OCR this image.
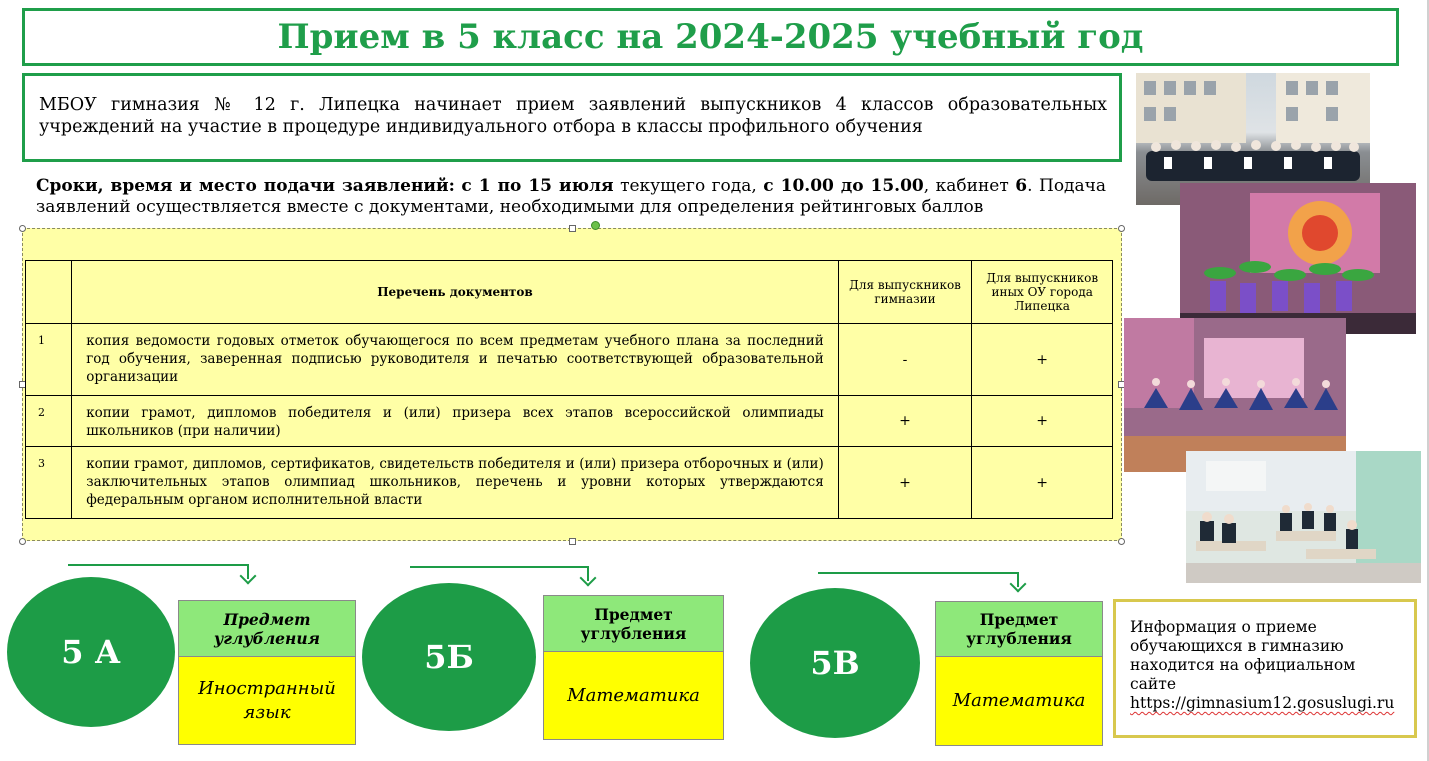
Прием в 5 класс на 2024-2025 учебный год
МБОУ гимназия № 12 г. Липецка начинает прием заявлений выпускников 4 классов образовательных учреждений на участие в процедуре индивидуального отбора в классы профильного обучения
Сроки, время и место подачи заявлений: с 1 по 15 июля текущего года, с 10.00 до 15.00, кабинет 6. Подача заявлений осуществляется вместе с документами, необходимыми для определения рейтинговых баллов
	Перечень документов	Для выпускников гимназии	Для выпускников иных ОУ города Липецка
1	копия ведомости годовых отметок обучающегося по всем предметам учебного плана за последний год обучения, заверенная подписью руководителя и печатью соответствующей образовательной организации	-	+
2	копии грамот, дипломов победителя и (или) призера всех этапов всероссийской олимпиады школьников (при наличии)	+	+
3	копии грамот, дипломов, сертификатов, свидетельств победителя и (или) призера отборочных и (или) заключительных этапов олимпиад школьников, перечень и уровни которых утверждаются федеральным органом исполнительной власти	+	+
5 А
Предмет углубления
Иностранный язык
5Б
Предмет углубления
Математика
5В
Предмет углубления
Математика
Информация о приеме обучающихся в гимназию находится на официальном сайте
https://gimnasium12.gosuslugi.ru
